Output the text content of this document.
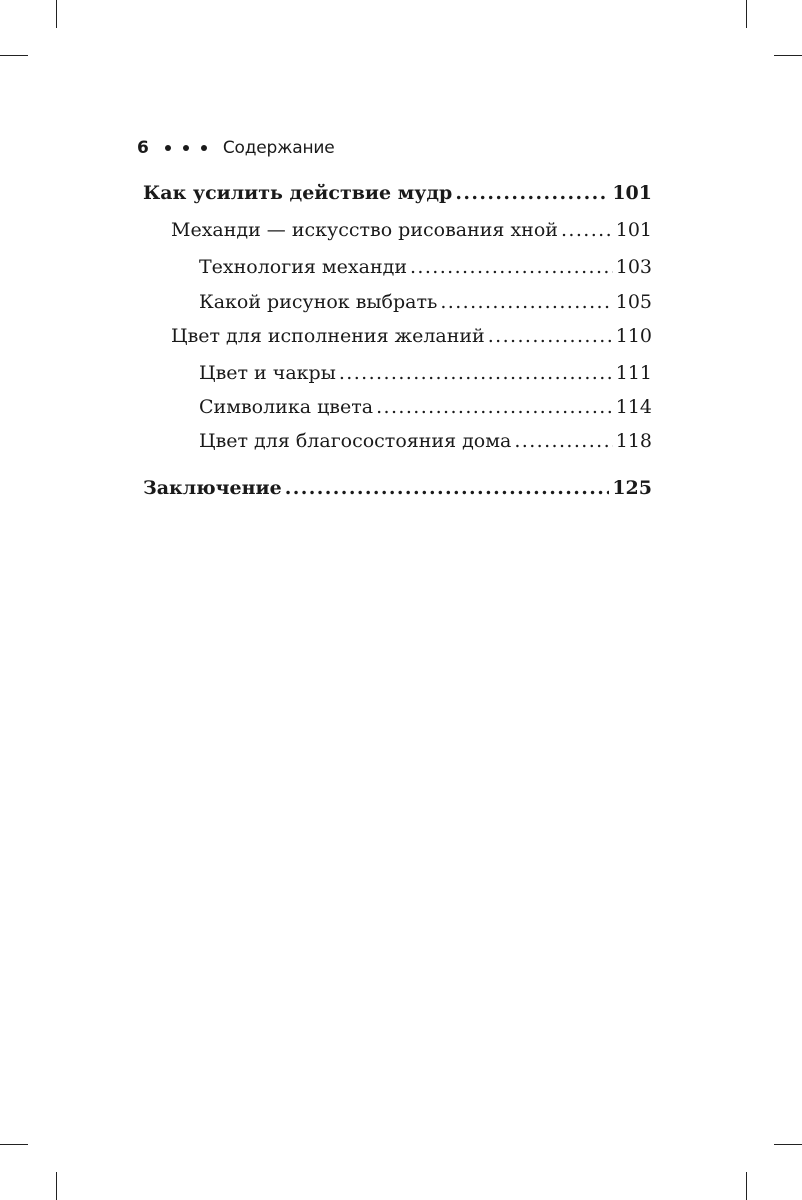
6	Содержание
Как усилить действие мудр .....	101
Механди — искусство рисования хной .....	101
Технология механди .....	103
Какой рисунок выбрать .....	105
Цвет для исполнения желаний .....	110
Цвет и чакры .....	111
Символика цвета .....	114
Цвет для благосостояния дома .....	118
Заключение .....	125
